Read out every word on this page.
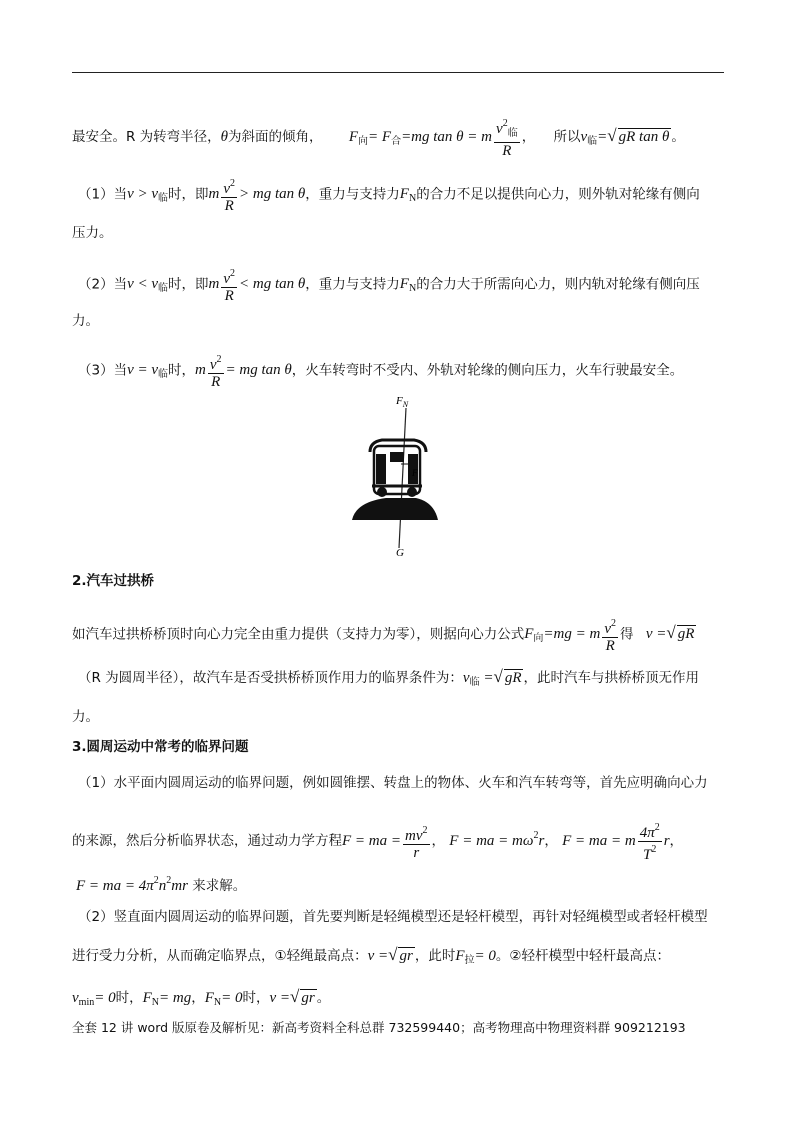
最安全。R 为转弯半径，θ为斜面的倾角， $F_向= F_合=mg$ tan θ = m $\frac{v^2_临}{R}$ ， 所以$v_临=√$ gR tan θ 。
（1）当$v > v_临$时，即m $\frac{v^2}{R}$ > mg tan θ，重力与支持力$F_N$的合力不足以提供向心力，则外轨对轮缘有侧向
压力。
（2）当$v < v_临$时，即m $\frac{v^2}{R}$ < mg tan θ，重力与支持力$F_N$的合力大于所需向心力，则内轨对轮缘有侧向压
力。
（3）当$v = v_临$时，m $\frac{v^2}{R}$ = mg tan θ，火车转弯时不受内、外轨对轮缘的侧向压力，火车行驶最安全。
$F_N$
F
G
2.汽车过拱桥
如汽车过拱桥桥顶时向心力完全由重力提供（支持力为零），则据向心力公式$F_向=mg = m \frac{v^2}{R}$ 得 v =√ gR
（R 为圆周半径），故汽车是否受拱桥桥顶作用力的临界条件为：$v_临$ =√ gR ，此时汽车与拱桥桥顶无作用
力。
3.圆周运动中常考的临界问题
（1）水平面内圆周运动的临界问题，例如圆锥摆、转盘上的物体、火车和汽车转弯等，首先应明确向心力
的来源，然后分析临界状态，通过动力学方程F = ma = $\frac{mv^2}{r}$ ， F = ma = $m\omega^2r$， F = ma = m $\frac{4\pi^2}{T^2}$ r，
F = ma = $4\pi^2n^2mr$ 来求解。
（2）竖直面内圆周运动的临界问题，首先要判断是轻绳模型还是轻杆模型，再针对轻绳模型或者轻杆模型
进行受力分析，从而确定临界点，①轻绳最高点：v =√ gr ，此时$F_拉= 0$。②轻杆模型中轻杆最高点：
$v_{min}= 0$时，$F_N=$ mg，$F_N= 0$时，v =√ gr 。
全套 12 讲 word 版原卷及解析见：新高考资料全科总群 732599440；高考物理高中物理资料群 909212193
